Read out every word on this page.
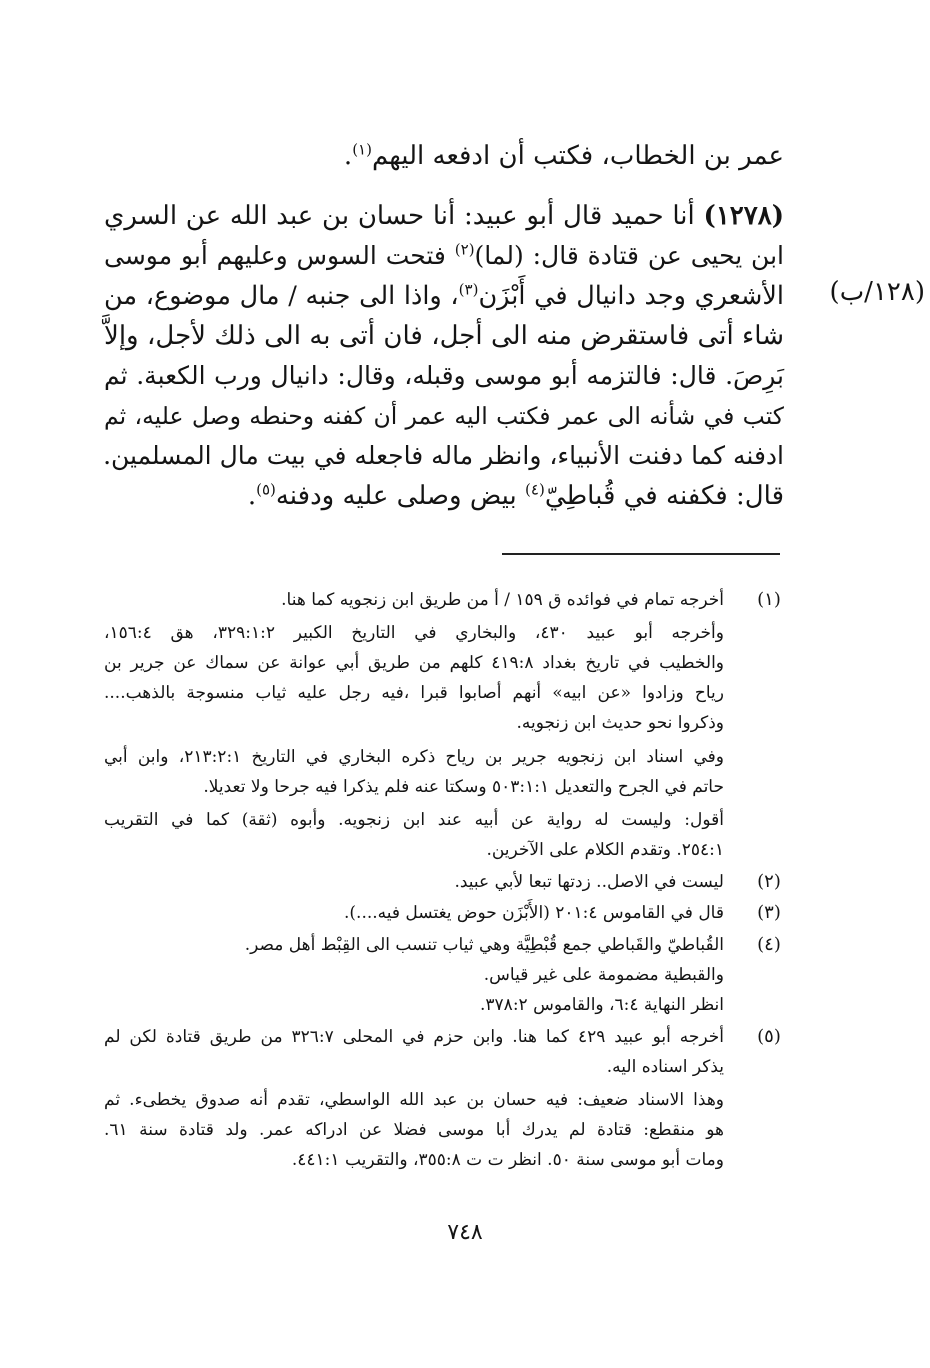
عمر بن الخطاب، فكتب أن ادفعه اليهم$^{(١)}$.
(١٢٧٨) أنا حميد قال أبو عبيد: أنا حسان بن عبد الله عن السري
ابن يحيى عن قتادة قال: (لما)$^{(٢)}$ فتحت السوس وعليهم أبو موسى
الأشعري وجد دانيال في أَبْزَن$^{(٣)}$، واذا الى جنبه / مال موضوع، من	(١٢٨/ب)
شاء أتى فاستقرض منه الى أجل، فان أتى به الى ذلك لأجل، وإلاَّ
بَرِصَ. قال: فالتزمه أبو موسى وقبله، وقال: دانيال ورب الكعبة. ثم
كتب في شأنه الى عمر فكتب اليه عمر أن كفنه وحنطه وصل عليه، ثم
ادفنه كما دفنت الأنبياء، وانظر ماله فاجعله في بيت مال المسلمين.
قال: فكفنه في قُباطِيّ$^{(٤)}$ بيض وصلى عليه ودفنه$^{(٥)}$.
(١)
أخرجه تمام في فوائده ق ١٥٩ / أ من طريق ابن زنجويه كما هنا.
وأخرجه أبو عبيد ٤٣٠، والبخاري في التاريخ الكبير ٣٢٩:١:٢، هق ١٥٦:٤،
والخطيب في تاريخ بغداد ٤١٩:٨ كلهم من طريق أبي عوانة عن سماك عن جرير بن
رياح وزادوا «عن ابيه» أنهم أصابوا قبرا ،فيه رجل عليه ثياب منسوجة بالذهب....
وذكروا نحو حديث ابن زنجويه.
وفي اسناد ابن زنجويه جرير بن رياح ذكره البخاري في التاريخ ٢١٣:٢:١، وابن أبي
حاتم في الجرح والتعديل ٥٠٣:١:١ وسكتا عنه فلم يذكرا فيه جرحا ولا تعديلا.
أقول: وليست له رواية عن أبيه عند ابن زنجويه. وأبوه (ثقة) كما في التقريب
٢٥٤:١. وتقدم الكلام على الآخرين.
(٢)
ليست في الاصل.. زدتها تبعا لأبي عبيد.
(٣)
قال في القاموس ٢٠١:٤ (الأَبْزَن حوض يغتسل فيه....).
(٤)
القُباطيّ والقَباطي جمع قُبْطِيَّة وهي ثياب تنسب الى القِبْط أهل مصر.
والقبطية مضمومة على غير قياس.
انظر النهاية ٦:٤، والقاموس ٣٧٨:٢.
(٥)
أخرجه أبو عبيد ٤٢٩ كما هنا. وابن حزم في المحلى ٣٢٦:٧ من طريق قتادة لكن لم
يذكر اسناده اليه.
وهذا الاسناد ضعيف: فيه حسان بن عبد الله الواسطي، تقدم أنه صدوق يخطىء. ثم
هو منقطع: قتادة لم يدرك أبا موسى فضلا عن ادراكه عمر. ولد قتادة سنة ٦١.
ومات أبو موسى سنة ٥٠. انظر ت ت ٣٥٥:٨، والتقريب ٤٤١:١.
٧٤٨
